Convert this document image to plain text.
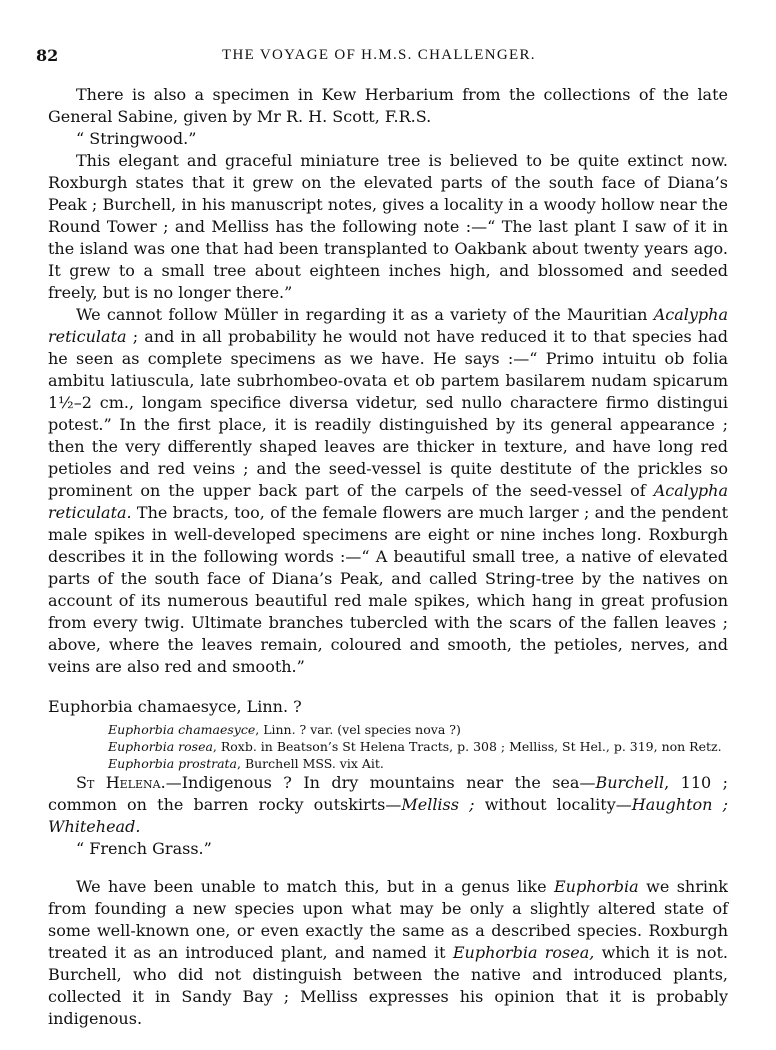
82	THE VOYAGE OF H.M.S. CHALLENGER.

There is also a specimen in Kew Herbarium from the collections of the late General Sabine, given by Mr R. H. Scott, F.R.S.

“ Stringwood.”

This elegant and graceful miniature tree is believed to be quite extinct now. Roxburgh states that it grew on the elevated parts of the south face of Diana’s Peak ; Burchell, in his manuscript notes, gives a locality in a woody hollow near the Round Tower ; and Melliss has the following note :—“ The last plant I saw of it in the island was one that had been transplanted to Oakbank about twenty years ago. It grew to a small tree about eighteen inches high, and blossomed and seeded freely, but is no longer there.”

We cannot follow Müller in regarding it as a variety of the Mauritian Acalypha reticulata ; and in all probability he would not have reduced it to that species had he seen as complete specimens as we have. He says :—“ Primo intuitu ob folia ambitu latiuscula, late subrhombeo-ovata et ob partem basilarem nudam spicarum 1½–2 cm., longam specifice diversa videtur, sed nullo charactere firmo distingui potest.” In the first place, it is readily distinguished by its general appearance ; then the very differently shaped leaves are thicker in texture, and have long red petioles and red veins ; and the seed-vessel is quite destitute of the prickles so prominent on the upper back part of the carpels of the seed-vessel of Acalypha reticulata. The bracts, too, of the female flowers are much larger ; and the pendent male spikes in well-developed specimens are eight or nine inches long. Roxburgh describes it in the following words :—“ A beautiful small tree, a native of elevated parts of the south face of Diana’s Peak, and called String-tree by the natives on account of its numerous beautiful red male spikes, which hang in great profusion from every twig. Ultimate branches tubercled with the scars of the fallen leaves ; above, where the leaves remain, coloured and smooth, the petioles, nerves, and veins are also red and smooth.”

Euphorbia chamaesyce, Linn. ?

Euphorbia chamaesyce, Linn. ? var. (vel species nova ?)

Euphorbia rosea, Roxb. in Beatson’s St Helena Tracts, p. 308 ; Melliss, St Hel., p. 319, non Retz.

Euphorbia prostrata, Burchell MSS. vix Ait.

St Helena.—Indigenous ? In dry mountains near the sea—Burchell, 110 ; common on the barren rocky outskirts—Melliss ; without locality—Haughton ; Whitehead.

“ French Grass.”

We have been unable to match this, but in a genus like Euphorbia we shrink from founding a new species upon what may be only a slightly altered state of some well-known one, or even exactly the same as a described species. Roxburgh treated it as an introduced plant, and named it Euphorbia rosea, which it is not. Burchell, who did not distinguish between the native and introduced plants, collected it in Sandy Bay ; Melliss expresses his opinion that it is probably indigenous.
